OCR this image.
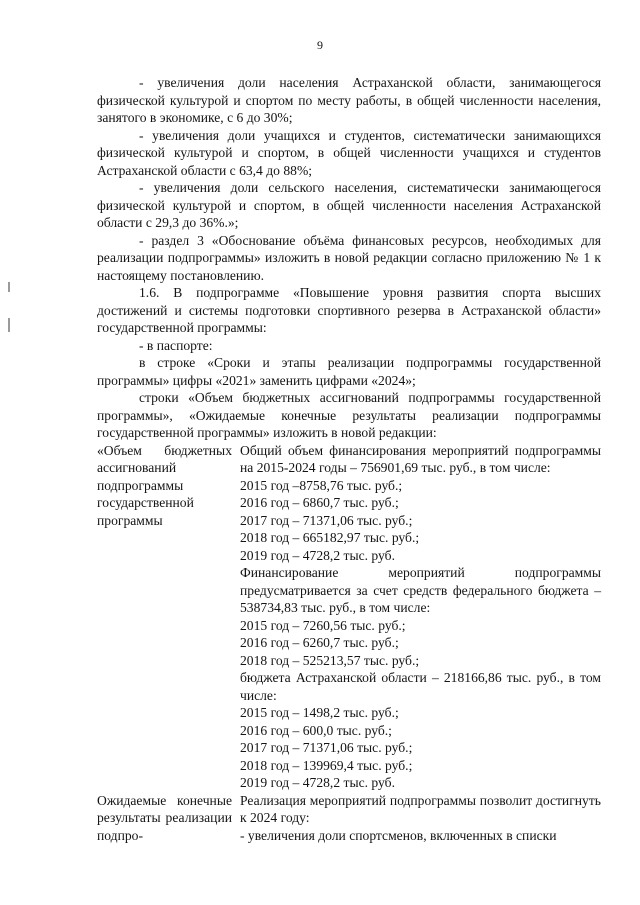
9

- увеличения доли населения Астраханской области, занимающегося физической культурой и спортом по месту работы, в общей численности населения, занятого в экономике, с 6 до 30%;

- увеличения доли учащихся и студентов, систематически занимающихся физической культурой и спортом, в общей численности учащихся и студентов Астраханской области с 63,4 до 88%;

- увеличения доли сельского населения, систематически занимающегося физической культурой и спортом, в общей численности населения Астраханской области с 29,3 до 36%.»;

- раздел 3 «Обоснование объёма финансовых ресурсов, необходимых для реализации подпрограммы» изложить в новой редакции согласно приложению № 1 к настоящему постановлению.

1.6. В подпрограмме «Повышение уровня развития спорта высших достижений и системы подготовки спортивного резерва в Астраханской области» государственной программы:

- в паспорте:

в строке «Сроки и этапы реализации подпрограммы государственной программы» цифры «2021» заменить цифрами «2024»;

строки «Объем бюджетных ассигнований подпрограммы государственной программы», «Ожидаемые конечные результаты реализации подпрограммы государственной программы» изложить в новой редакции:

«Объем бюджетных ассигнований подпрограммы государственной программы

Общий объем финансирования мероприятий подпрограммы на 2015-2024 годы – 756901,69 тыс. руб., в том числе:

2015 год –8758,76 тыс. руб.;

2016 год – 6860,7 тыс. руб.;

2017 год – 71371,06 тыс. руб.;

2018 год – 665182,97 тыс. руб.;

2019 год – 4728,2 тыс. руб.

Финансирование мероприятий подпрограммы предусматривается за счет средств федерального бюджета – 538734,83 тыс. руб., в том числе:

2015 год – 7260,56 тыс. руб.;

2016 год – 6260,7 тыс. руб.;

2018 год – 525213,57 тыс. руб.;

бюджета Астраханской области – 218166,86 тыс. руб., в том числе:

2015 год – 1498,2 тыс. руб.;

2016 год – 600,0 тыс. руб.;

2017 год – 71371,06 тыс. руб.;

2018 год – 139969,4 тыс. руб.;

2019 год – 4728,2 тыс. руб.

Ожидаемые конечные результаты реализации подпро-

Реализация мероприятий подпрограммы позволит достигнуть к 2024 году:

- увеличения доли спортсменов, включенных в списки
